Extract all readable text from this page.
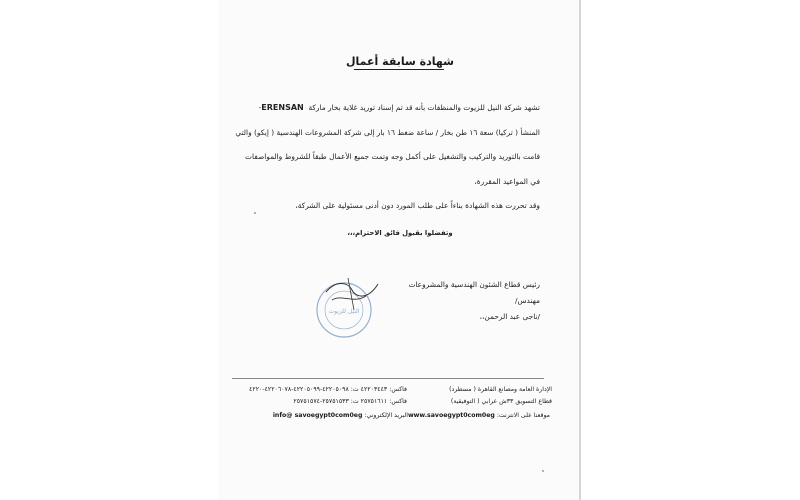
شهادة سابقة أعمال
تشهد شركة النيل للزيوت والمنظفات بأنه قد تم إسناد توريد غلاية بخار ماركة  ERENSAN-
المنشأ ( تركيا) سعة ١٦ طن بخار / ساعة ضغط ١٦ بار إلى شركة المشروعات الهندسية ( إيكو) والتي
قامت بالتوريد والتركيب والتشغيل على أكمل وجه وتمت جميع الأعمال طبقاً للشروط والمواصفات
في المواعيد المقررة،
وقد تحررت هذه الشهادة بناءاً على طلب المورد دون أدنى مسئولية على الشركة،
وتفضلوا بقبول فائق الاحترام،،،
رئيس قطاع الشئون الهندسية والمشروعات
مهندس/
/ناجى عبد الرحمن،،
النيل للزيوت
الإدارة العامة ومصانع القاهرة ( مسطرد)
قطاع التسويق ٣٣ش عرابي ( التوفيقية)
فاكس: ٤٢٢٠٣٤٤٣ ت: ٤٢٢٠٥٠٩٨-٤٢٢٠٥٠٩٩-٤٢٢٠٦٠٧٨-٤٢٢٠
فاكس: ٢٥٧٥١٦١١ ت: ٢٥٧٥١٥٣٣-٢٥٧٥١٥٧٤
موقعنا على الانترنت: www.savoegypt0com0eg
البريد الإلكتروني: info@ savoegypt0com0eg
